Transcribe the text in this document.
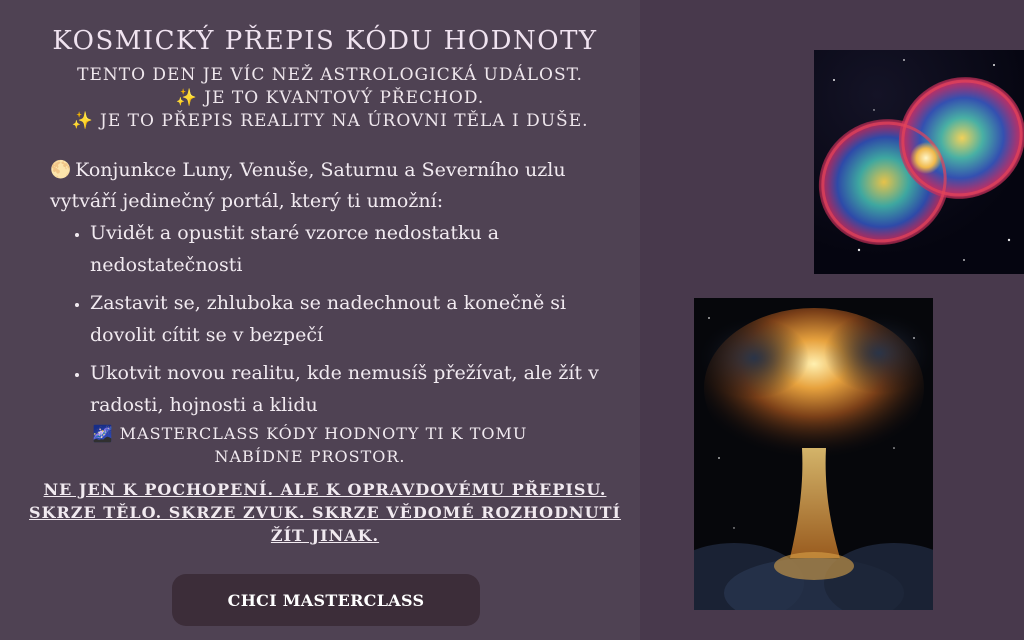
KOSMICKÝ PŘEPIS KÓDU HODNOTY
TENTO DEN JE VÍC NEŽ ASTROLOGICKÁ UDÁLOST.
✨ JE TO KVANTOVÝ PŘECHOD.
✨ JE TO PŘEPIS REALITY NA ÚROVNI TĚLA I DUŠE.
🌕 Konjunkce Luny, Venuše, Saturnu a Severního uzlu vytváří jedinečný portál, který ti umožní:
• Uvidět a opustit staré vzorce nedostatku a nedostatečnosti
• Zastavit se, zhluboka se nadechnout a konečně si dovolit cítit se v bezpečí
• Ukotvit novou realitu, kde nemusíš přežívat, ale žít v radosti, hojnosti a klidu
🌌 MASTERCLASS KÓDY HODNOTY TI K TOMU
NABÍDNE PROSTOR.
NE JEN K POCHOPENÍ. ALE K OPRAVDOVÉMU PŘEPISU.
SKRZE TĚLO. SKRZE ZVUK. SKRZE VĚDOMÉ ROZHODNUTÍ
ŽÍT JINAK.
CHCI MASTERCLASS
